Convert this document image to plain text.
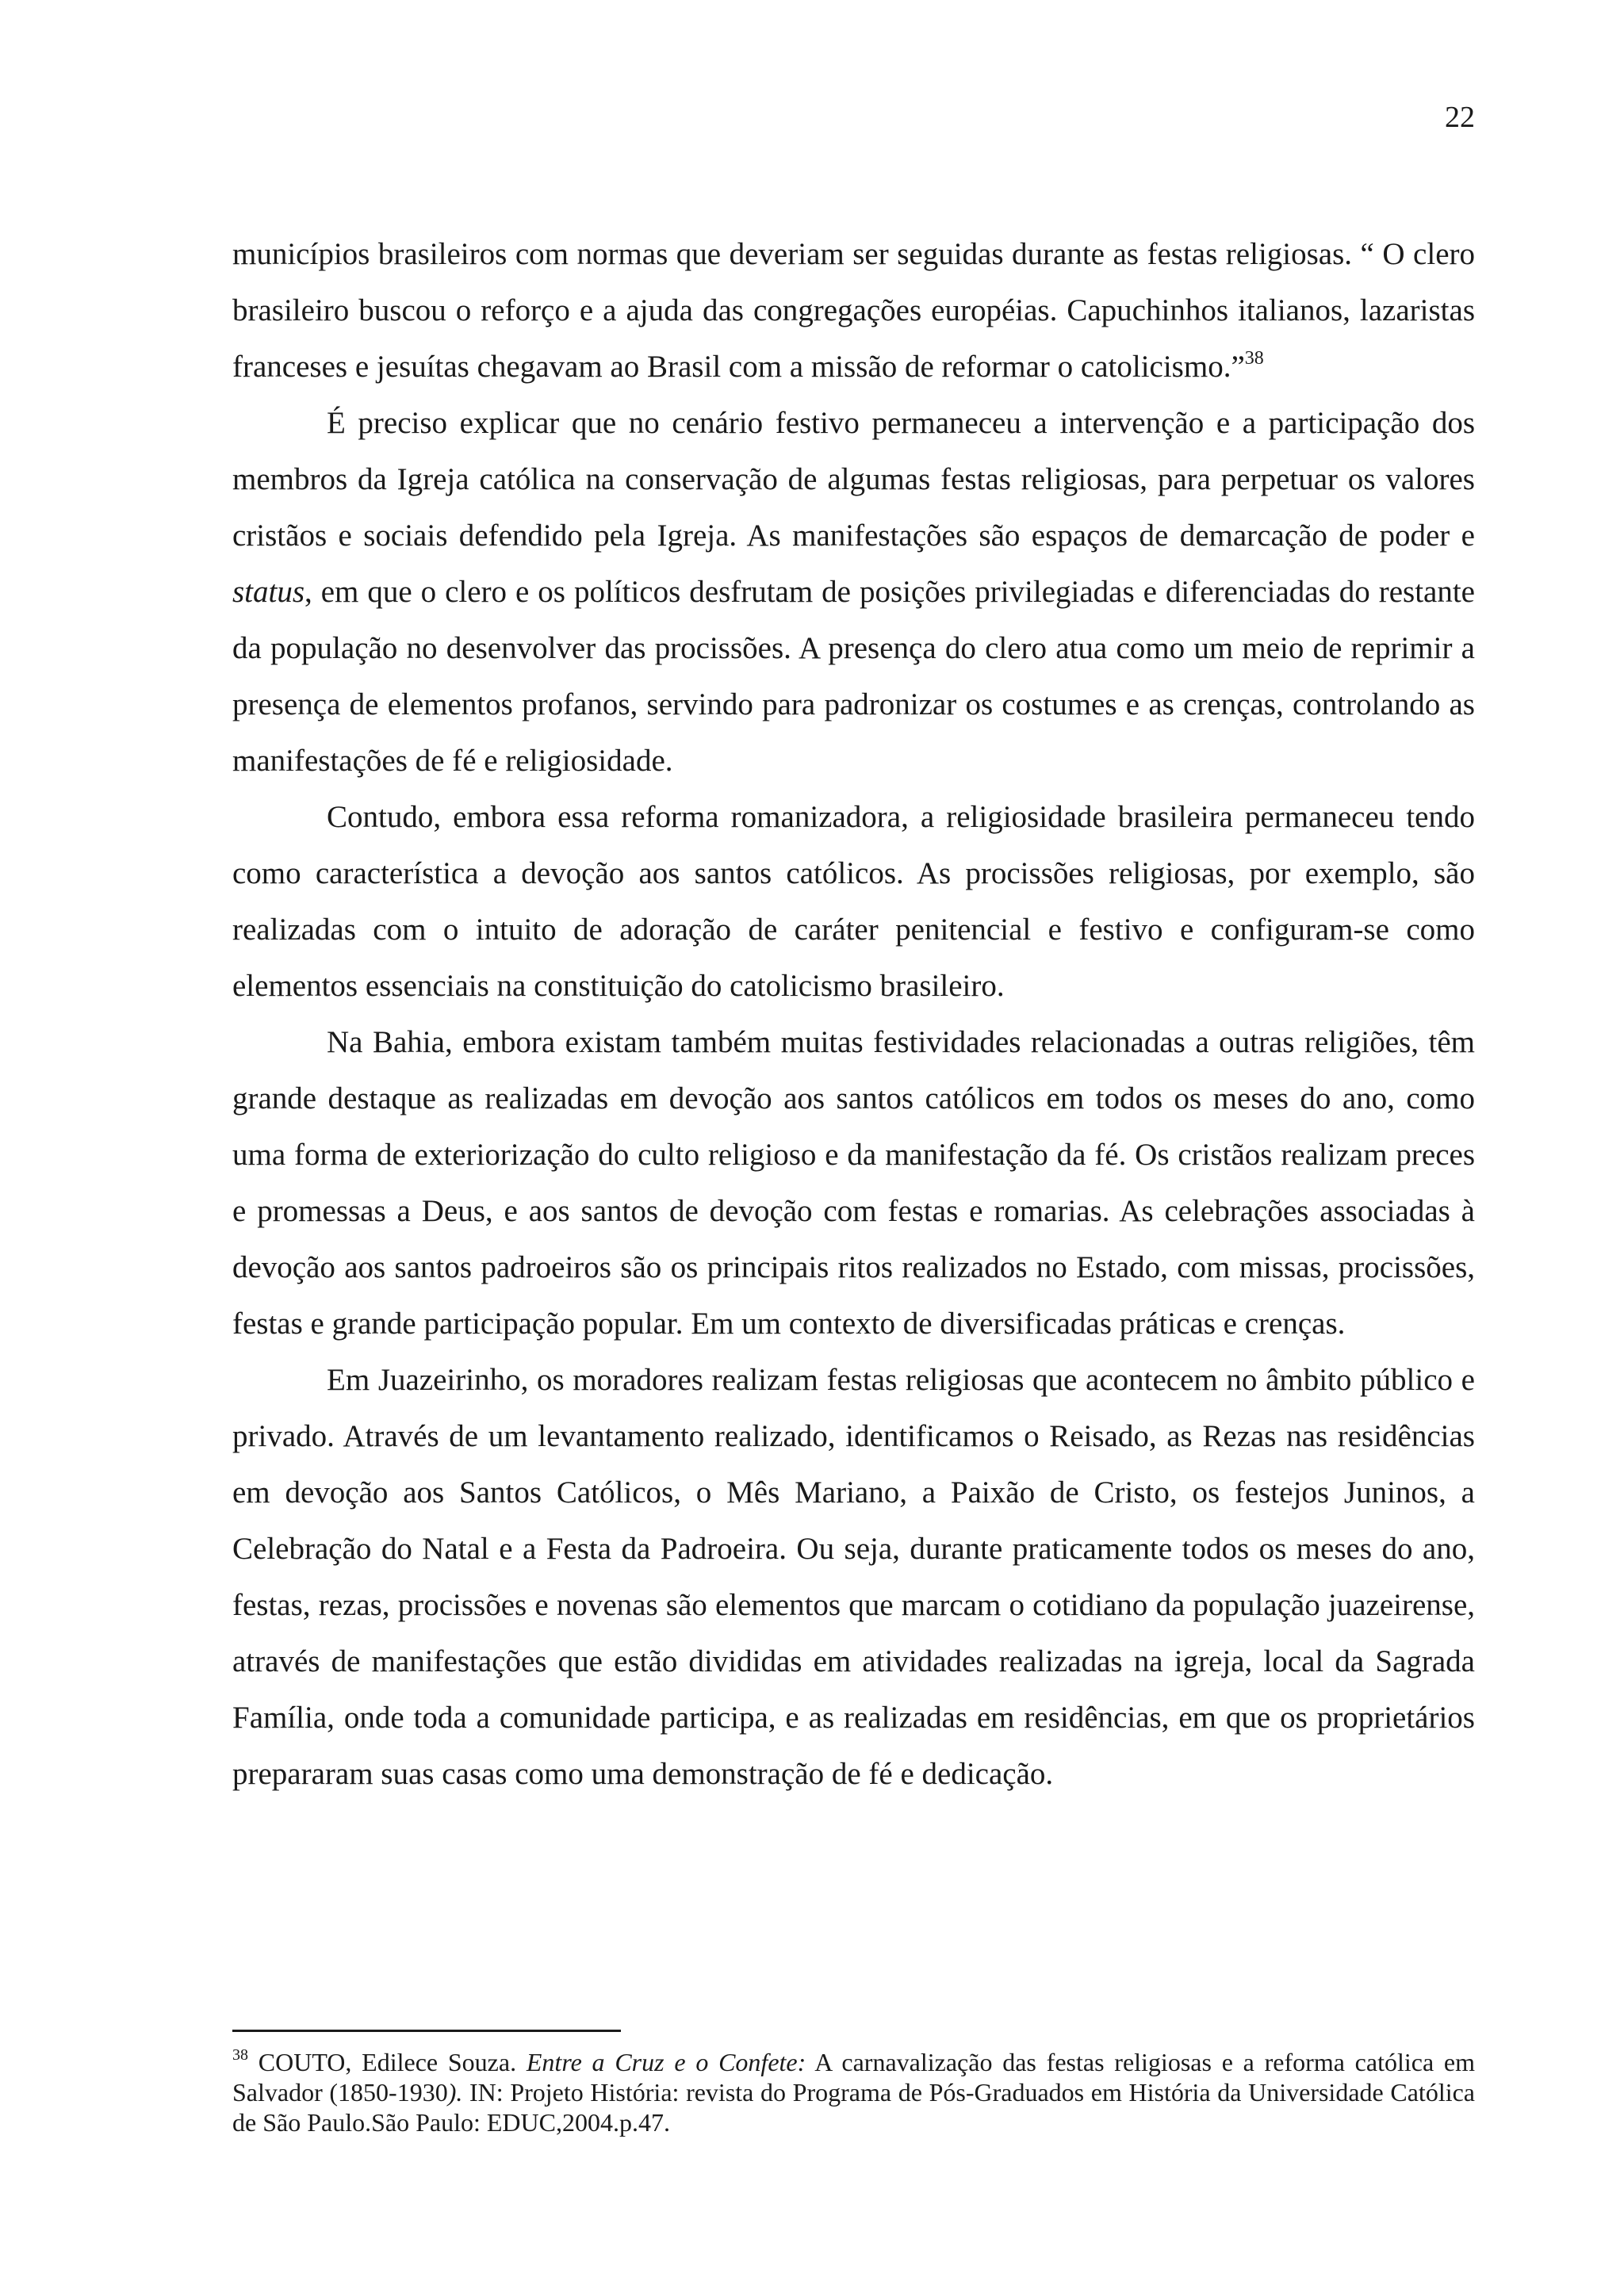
22

municípios brasileiros com normas que deveriam ser seguidas durante as festas religiosas. “ O clero brasileiro buscou o reforço e a ajuda das congregações européias. Capuchinhos italianos, lazaristas franceses e jesuítas chegavam ao Brasil com a missão de reformar o catolicismo.”$^{38}$

É preciso explicar que no cenário festivo permaneceu a intervenção e a participação dos membros da Igreja católica na conservação de algumas festas religiosas, para perpetuar os valores cristãos e sociais defendido pela Igreja. As manifestações são espaços de demarcação de poder e status, em que o clero e os políticos desfrutam de posições privilegiadas e diferenciadas do restante da população no desenvolver das procissões. A presença do clero atua como um meio de reprimir a presença de elementos profanos, servindo para padronizar os costumes e as crenças, controlando as manifestações de fé e religiosidade.

Contudo, embora essa reforma romanizadora, a religiosidade brasileira permaneceu tendo como característica a devoção aos santos católicos. As procissões religiosas, por exemplo, são realizadas com o intuito de adoração de caráter penitencial e festivo e configuram-se como elementos essenciais na constituição do catolicismo brasileiro.

Na Bahia, embora existam também muitas festividades relacionadas a outras religiões, têm grande destaque as realizadas em devoção aos santos católicos em todos os meses do ano, como uma forma de exteriorização do culto religioso e da manifestação da fé. Os cristãos realizam preces e promessas a Deus, e aos santos de devoção com festas e romarias. As celebrações associadas à devoção aos santos padroeiros são os principais ritos realizados no Estado, com missas, procissões, festas e grande participação popular. Em um contexto de diversificadas práticas e crenças.

Em Juazeirinho, os moradores realizam festas religiosas que acontecem no âmbito público e privado. Através de um levantamento realizado, identificamos o Reisado, as Rezas nas residências em devoção aos Santos Católicos, o Mês Mariano, a Paixão de Cristo, os festejos Juninos, a Celebração do Natal e a Festa da Padroeira. Ou seja, durante praticamente todos os meses do ano, festas, rezas, procissões e novenas são elementos que marcam o cotidiano da população juazeirense, através de manifestações que estão divididas em atividades realizadas na igreja, local da Sagrada Família, onde toda a comunidade participa, e as realizadas em residências, em que os proprietários prepararam suas casas como uma demonstração de fé e dedicação.

$^{38}$ COUTO, Edilece Souza. Entre a Cruz e o Confete: A carnavalização das festas religiosas e a reforma católica em Salvador (1850-1930). IN: Projeto História: revista do Programa de Pós-Graduados em História da Universidade Católica de São Paulo.São Paulo: EDUC,2004.p.47.
